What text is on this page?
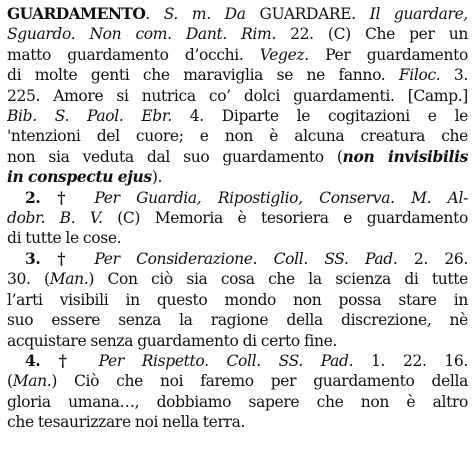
GUARDAMENTO. S. m. Da GUARDARE. Il guardare,
Sguardo. Non com. Dant. Rim. 22. (C) Che per un
matto guardamento d’occhi. Vegez. Per guardamento
di molte genti che maraviglia se ne fanno. Filoc. 3.
225. Amore si nutrica co’ dolci guardamenti. [Camp.]
Bib. S. Paol. Ebr. 4. Diparte le cogitazioni e le
'ntenzioni del cuore; e non è alcuna creatura che
non sia veduta dal suo guardamento (non invisibilis
in conspectu ejus).
2. † Per Guardia, Ripostiglio, Conserva. M. Al-
dobr. B. V. (C) Memoria è tesoriera e guardamento
di tutte le cose.
3. † Per Considerazione. Coll. SS. Pad. 2. 26.
30. (Man.) Con ciò sia cosa che la scienza di tutte
l’arti visibili in questo mondo non possa stare in
suo essere senza la ragione della discrezione, nè
acquistare senza guardamento di certo fine.
4. † Per Rispetto. Coll. SS. Pad. 1. 22. 16.
(Man.) Ciò che noi faremo per guardamento della
gloria umana…, dobbiamo sapere che non è altro
che tesaurizzare noi nella terra.
